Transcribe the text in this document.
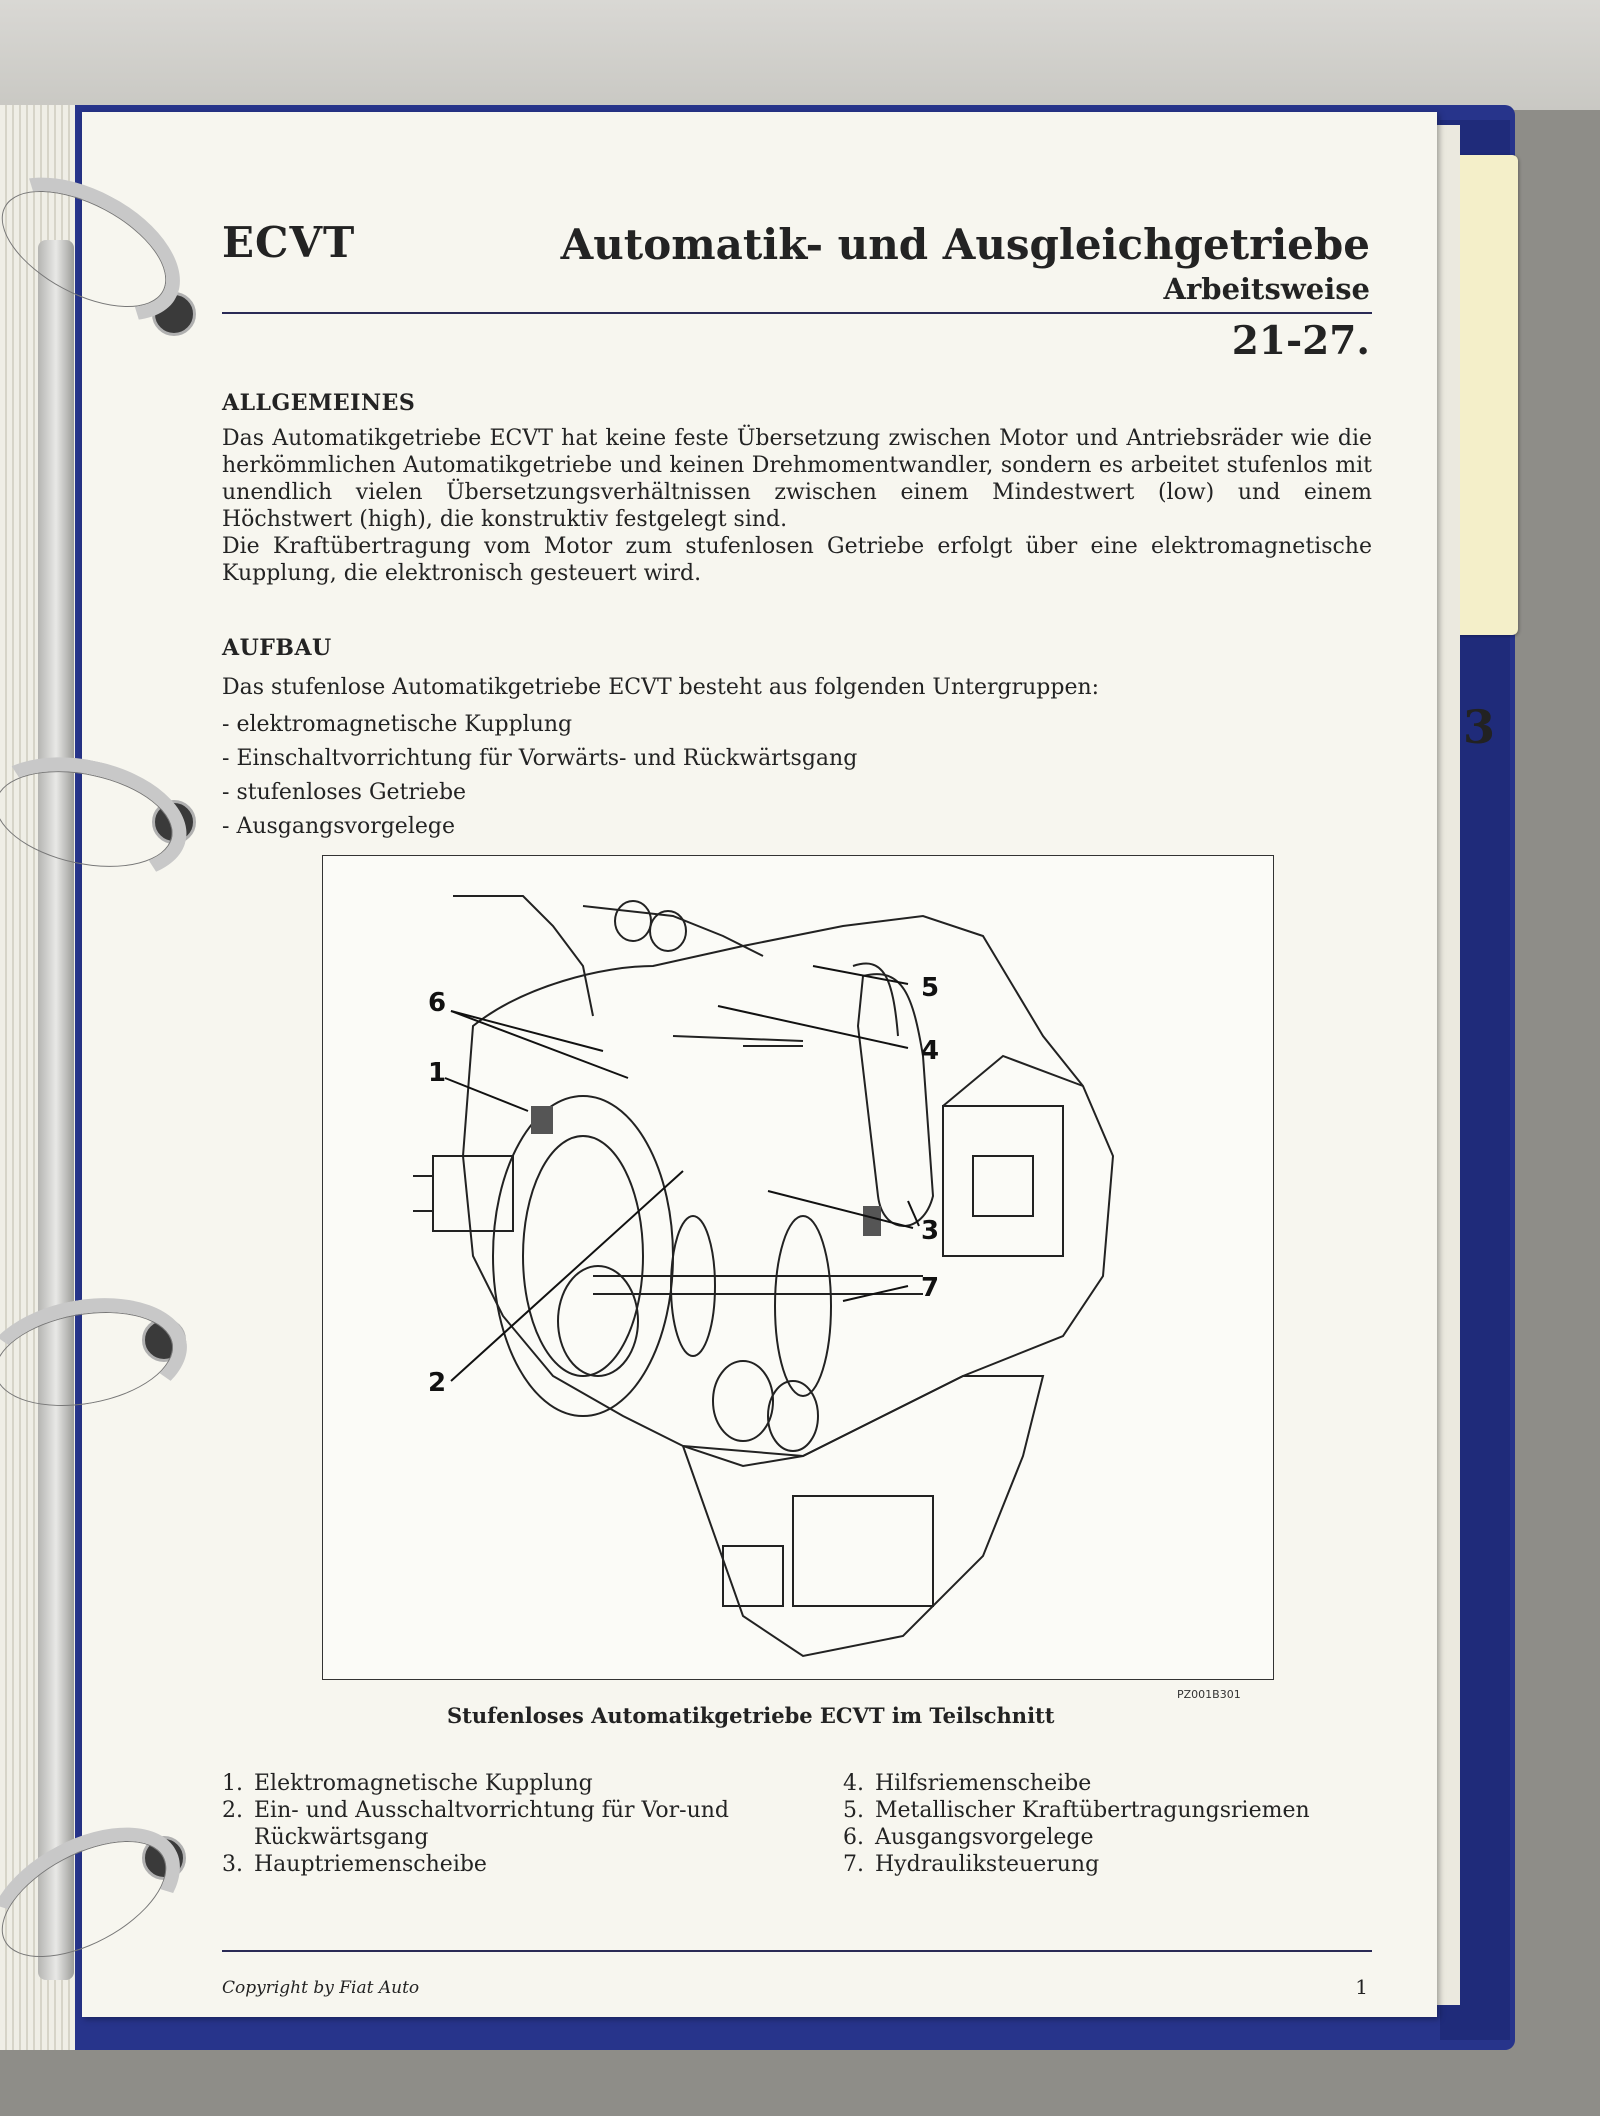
3
ECVT	Automatik- und Ausgleichgetriebe
Arbeitsweise
21-27.
ALLGEMEINES

Das Automatikgetriebe ECVT hat keine feste Übersetzung zwischen Motor und Antriebsräder wie die herkömmlichen Automatikgetriebe und keinen Drehmomentwandler, sondern es arbeitet stufenlos mit unendlich vielen Übersetzungsverhältnissen zwischen einem Mindestwert (low) und einem Höchstwert (high), die konstruktiv festgelegt sind.

Die Kraftübertragung vom Motor zum stufenlosen Getriebe erfolgt über eine elektromagnetische Kupplung, die elektronisch gesteuert wird.

AUFBAU
Das stufenlose Automatikgetriebe ECVT besteht aus folgenden Untergruppen:
- elektromagnetische Kupplung
- Einschaltvorrichtung für Vorwärts- und Rückwärtsgang
- stufenloses Getriebe
- Ausgangsvorgelege
6
1
2
5
4
3
7
PZ001B301
Stufenloses Automatikgetriebe ECVT im Teilschnitt
1. Elektromagnetische Kupplung
2. Ein- und Ausschaltvorrichtung für Vor-und
Rückwärtsgang
3. Hauptriemenscheibe
4. Hilfsriemenscheibe
5. Metallischer Kraftübertragungsriemen
6. Ausgangsvorgelege
7. Hydrauliksteuerung
Copyright by Fiat Auto	1
